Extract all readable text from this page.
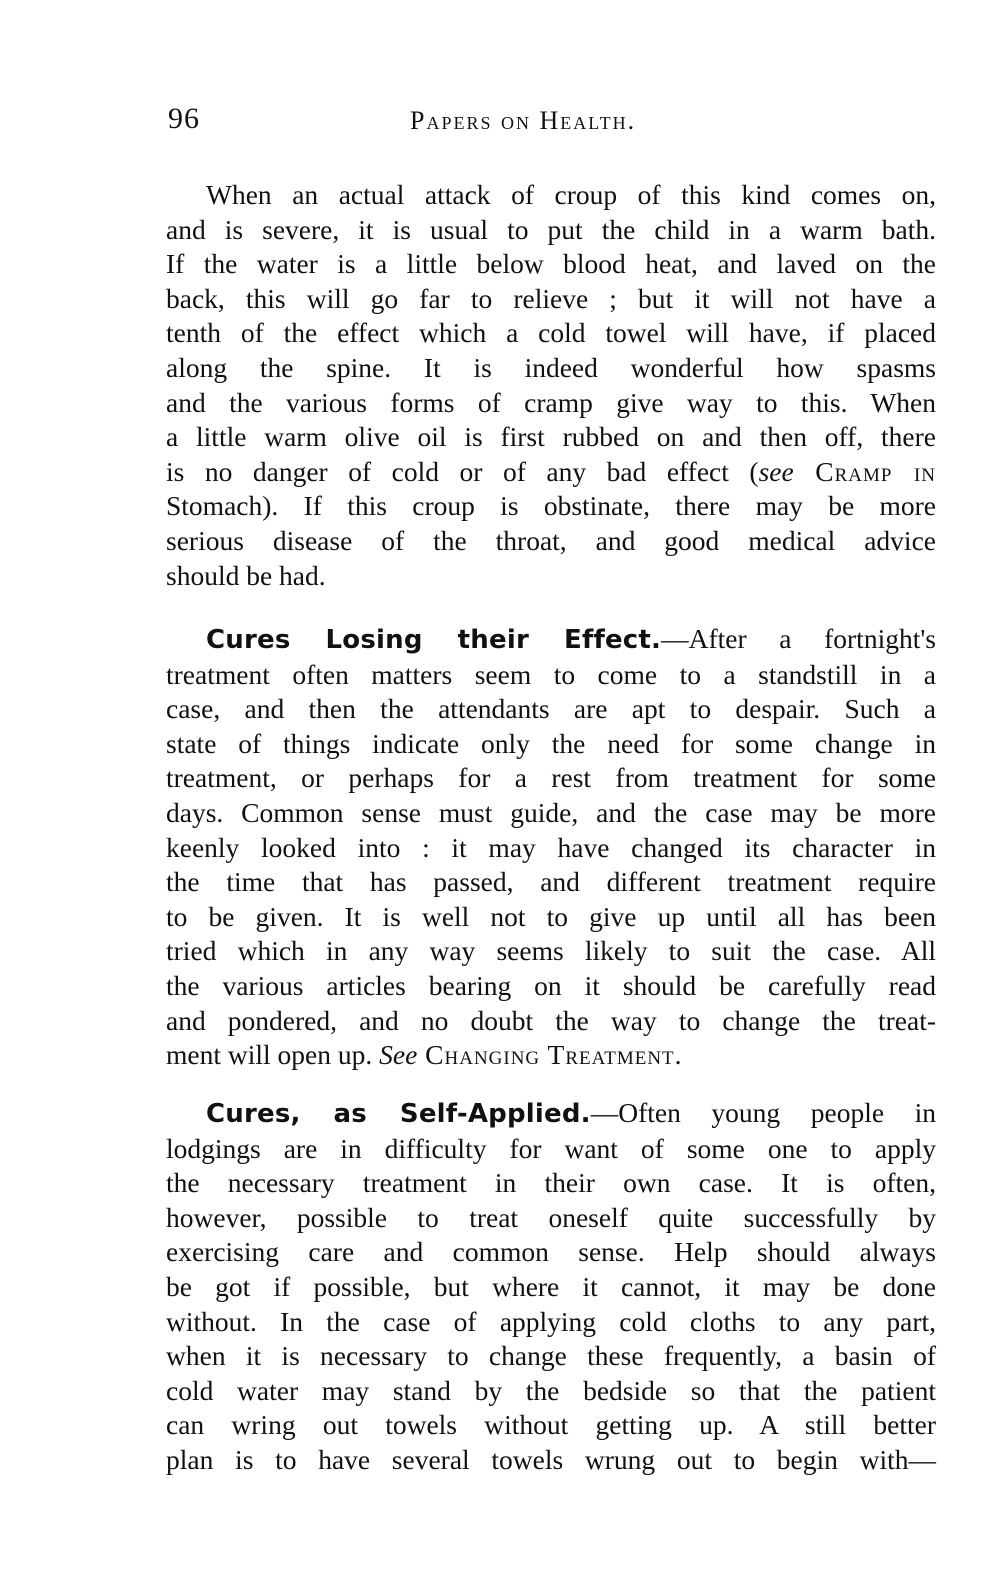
96	Papers on Health.
When an actual attack of croup of this kind comes on,
and is severe, it is usual to put the child in a warm bath.
If the water is a little below blood heat, and laved on the
back, this will go far to relieve ; but it will not have a
tenth of the effect which a cold towel will have, if placed
along the spine. It is indeed wonderful how spasms
and the various forms of cramp give way to this. When
a little warm olive oil is first rubbed on and then off, there
is no danger of cold or of any bad effect (see Cramp in
Stomach). If this croup is obstinate, there may be more
serious disease of the throat, and good medical advice
should be had.
Cures Losing their Effect.—After a fortnight's
treatment often matters seem to come to a standstill in a
case, and then the attendants are apt to despair. Such a
state of things indicate only the need for some change in
treatment, or perhaps for a rest from treatment for some
days. Common sense must guide, and the case may be more
keenly looked into : it may have changed its character in
the time that has passed, and different treatment require
to be given. It is well not to give up until all has been
tried which in any way seems likely to suit the case. All
the various articles bearing on it should be carefully read
and pondered, and no doubt the way to change the treat-
ment will open up. See Changing Treatment.
Cures, as Self-Applied.—Often young people in
lodgings are in difficulty for want of some one to apply
the necessary treatment in their own case. It is often,
however, possible to treat oneself quite successfully by
exercising care and common sense. Help should always
be got if possible, but where it cannot, it may be done
without. In the case of applying cold cloths to any part,
when it is necessary to change these frequently, a basin of
cold water may stand by the bedside so that the patient
can wring out towels without getting up. A still better
plan is to have several towels wrung out to begin with—
